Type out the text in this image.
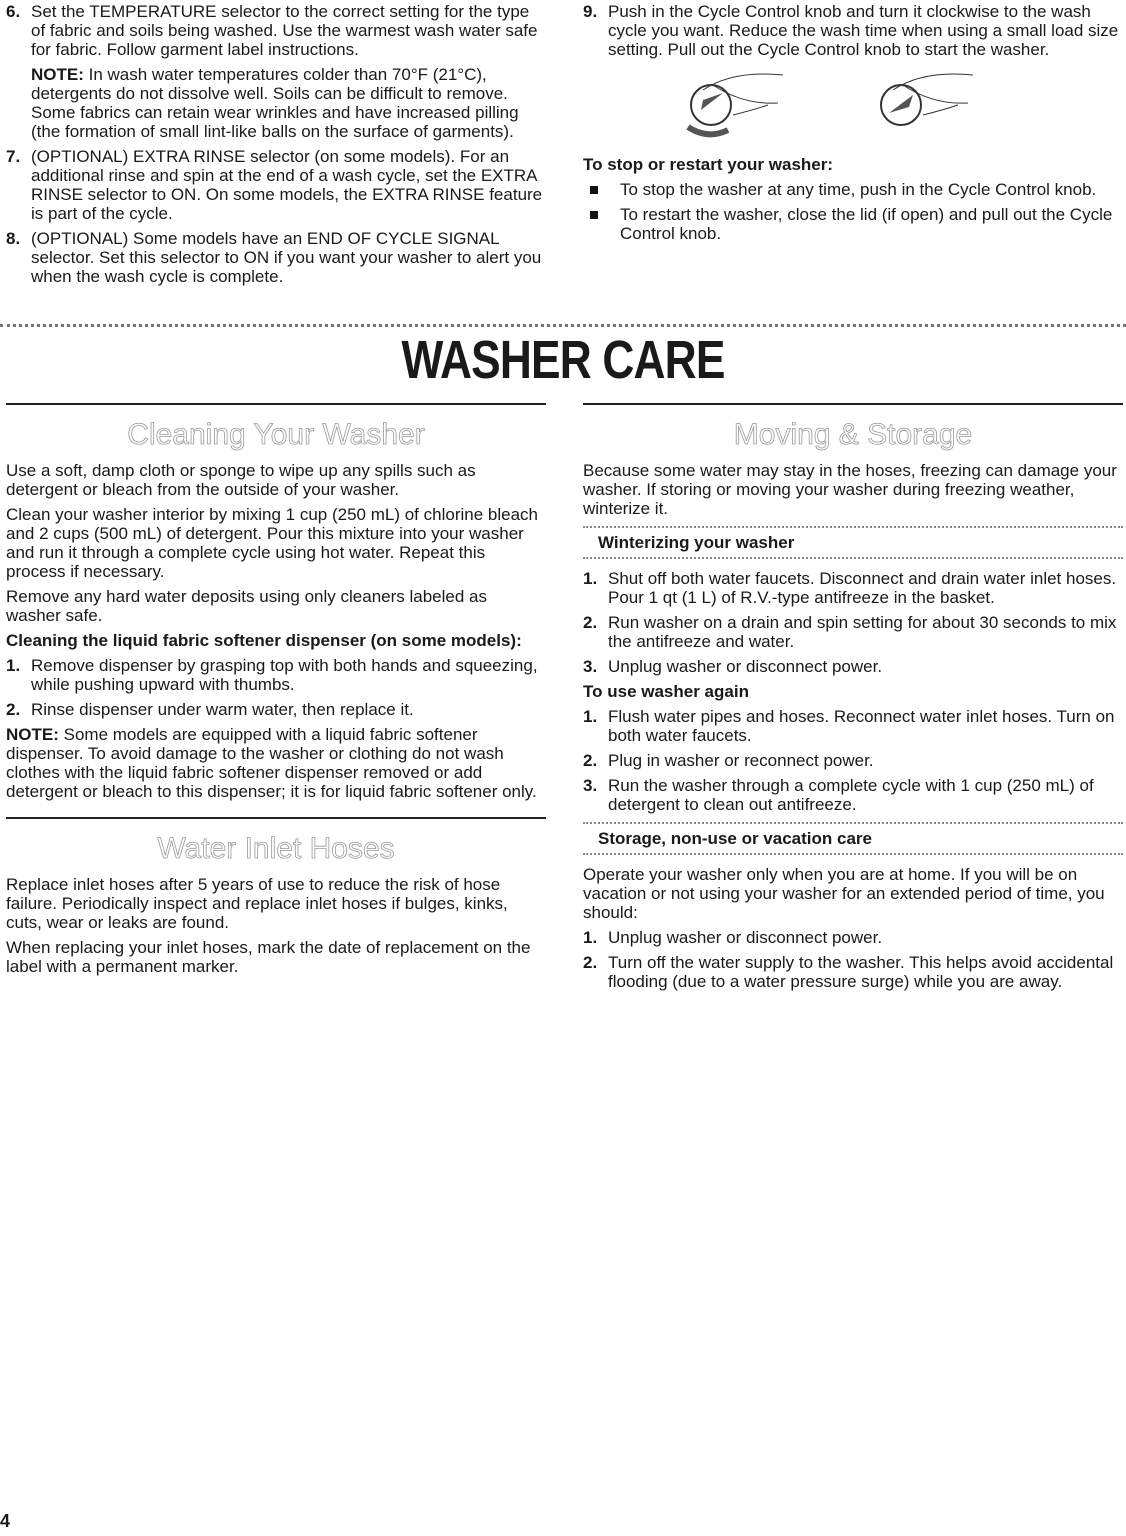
6. Set the TEMPERATURE selector to the correct setting for the type of fabric and soils being washed. Use the warmest wash water safe for fabric. Follow garment label instructions.

NOTE: In wash water temperatures colder than 70°F (21°C), detergents do not dissolve well. Soils can be difficult to remove. Some fabrics can retain wear wrinkles and have increased pilling (the formation of small lint-like balls on the surface of garments).

7. (OPTIONAL) EXTRA RINSE selector (on some models). For an additional rinse and spin at the end of a wash cycle, set the EXTRA RINSE selector to ON. On some models, the EXTRA RINSE feature is part of the cycle.
8. (OPTIONAL) Some models have an END OF CYCLE SIGNAL selector. Set this selector to ON if you want your washer to alert you when the wash cycle is complete.
9. Push in the Cycle Control knob and turn it clockwise to the wash cycle you want. Reduce the wash time when using a small load size setting. Pull out the Cycle Control knob to start the washer.
To stop or restart your washer:
To stop the washer at any time, push in the Cycle Control knob.
To restart the washer, close the lid (if open) and pull out the Cycle Control knob.
WASHER CARE
Cleaning Your Washer

Use a soft, damp cloth or sponge to wipe up any spills such as detergent or bleach from the outside of your washer.

Clean your washer interior by mixing 1 cup (250 mL) of chlorine bleach and 2 cups (500 mL) of detergent. Pour this mixture into your washer and run it through a complete cycle using hot water. Repeat this process if necessary.

Remove any hard water deposits using only cleaners labeled as washer safe.

Cleaning the liquid fabric softener dispenser (on some models):
1. Remove dispenser by grasping top with both hands and squeezing, while pushing upward with thumbs.
2. Rinse dispenser under warm water, then replace it.

NOTE: Some models are equipped with a liquid fabric softener dispenser. To avoid damage to the washer or clothing do not wash clothes with the liquid fabric softener dispenser removed or add detergent or bleach to this dispenser; it is for liquid fabric softener only.

Water Inlet Hoses

Replace inlet hoses after 5 years of use to reduce the risk of hose failure. Periodically inspect and replace inlet hoses if bulges, kinks, cuts, wear or leaks are found.

When replacing your inlet hoses, mark the date of replacement on the label with a permanent marker.

Moving & Storage

Because some water may stay in the hoses, freezing can damage your washer. If storing or moving your washer during freezing weather, winterize it.

Winterizing your washer
1. Shut off both water faucets. Disconnect and drain water inlet hoses. Pour 1 qt (1 L) of R.V.-type antifreeze in the basket.
2. Run washer on a drain and spin setting for about 30 seconds to mix the antifreeze and water.
3. Unplug washer or disconnect power.
To use washer again
1. Flush water pipes and hoses. Reconnect water inlet hoses. Turn on both water faucets.
2. Plug in washer or reconnect power.
3. Run the washer through a complete cycle with 1 cup (250 mL) of detergent to clean out antifreeze.
Storage, non-use or vacation care

Operate your washer only when you are at home. If you will be on vacation or not using your washer for an extended period of time, you should:

1. Unplug washer or disconnect power.
2. Turn off the water supply to the washer. This helps avoid accidental flooding (due to a water pressure surge) while you are away.
4
